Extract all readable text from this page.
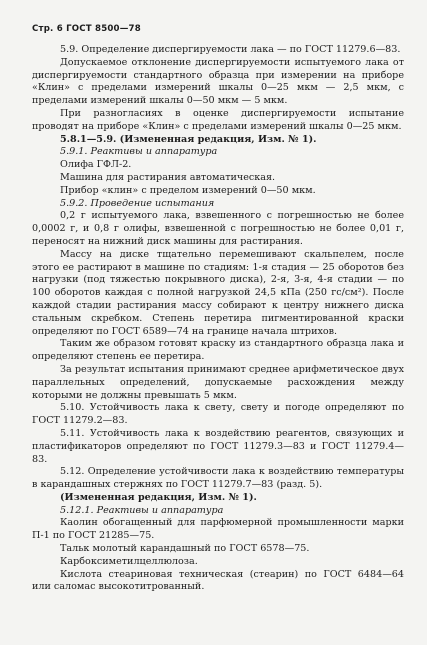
Стр. 6 ГОСТ 8500—78

5.9. Определение диспергируемости лака — по ГОСТ 11279.6—83.

Допускаемое отклонение диспергируемости испытуемого лака от диспергируемости стандартного образца при измерении на приборе «Клин» с пределами измерений шкалы 0—25 мкм — 2,5 мкм, с пределами измерений шкалы 0—50 мкм — 5 мкм.

При разногласиях в оценке диспергируемости испытание проводят на приборе «Клин» с пределами измерений шкалы 0—25 мкм.

5.8.1—5.9. (Измененная редакция, Изм. № 1).

5.9.1. Реактивы и аппаратура

Олифа ГФЛ-2.

Машина для растирания автоматическая.

Прибор «клин» с пределом измерений 0—50 мкм.

5.9.2. Проведение испытания

0,2 г испытуемого лака, взвешенного с погрешностью не более 0,0002 г, и 0,8 г олифы, взвешенной с погрешностью не более 0,01 г, переносят на нижний диск машины для растирания.

Массу на диске тщательно перемешивают скальпелем, после этого ее растирают в машине по стадиям: 1-я стадия — 25 оборотов без нагрузки (под тяжестью покрывного диска), 2-я, 3-я, 4-я стадии — по 100 оборотов каждая с полной нагрузкой 24,5 кПа (250 гс/см²). После каждой стадии растирания массу собирают к центру нижнего диска стальным скребком. Степень перетира пигментированной краски определяют по ГОСТ 6589—74 на границе начала штрихов.

Таким же образом готовят краску из стандартного образца лака и определяют степень ее перетира.

За результат испытания принимают среднее арифметическое двух параллельных определений, допускаемые расхождения между которыми не должны превышать 5 мкм.

5.10. Устойчивость лака к свету, свету и погоде определяют по ГОСТ 11279.2—83.

5.11. Устойчивость лака к воздействию реагентов, связующих и пластификаторов определяют по ГОСТ 11279.3—83 и ГОСТ 11279.4—83.

5.12. Определение устойчивости лака к воздействию температуры в карандашных стержнях по ГОСТ 11279.7—83 (разд. 5).

(Измененная редакция, Изм. № 1).

5.12.1. Реактивы и аппаратура

Каолин обогащенный для парфюмерной промышленности марки П-1 по ГОСТ 21285—75.

Тальк молотый карандашный по ГОСТ 6578—75.

Карбоксиметилцеллюлоза.

Кислота стеариновая техническая (стеарин) по ГОСТ 6484—64 или саломас высокотитрованный.
